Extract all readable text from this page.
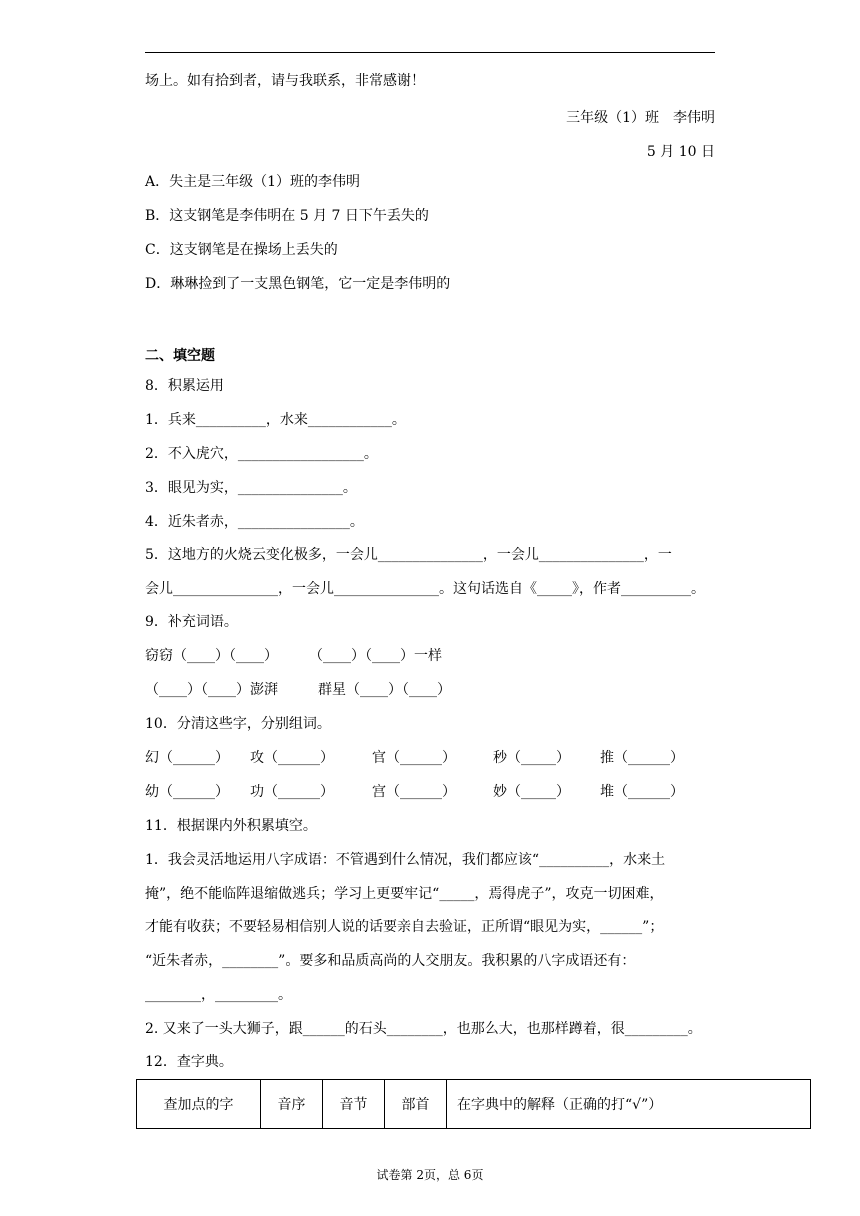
场上。如有拾到者，请与我联系，非常感谢！
三年级（1）班　李伟明
5 月 10 日
A．失主是三年级（1）班的李伟明
B．这支钢笔是李伟明在 5 月 7 日下午丢失的
C．这支钢笔是在操场上丢失的
D．琳琳捡到了一支黑色钢笔，它一定是李伟明的
二、填空题
8．积累运用
1．兵来__________，水来____________。
2．不入虎穴，__________________。
3．眼见为实，_______________。
4．近朱者赤，________________。
5．这地方的火烧云变化极多，一会儿_______________，一会儿_______________，一
会儿_______________，一会儿_______________。这句话选自《_____》，作者__________。
9．补充词语。
窃窃（____）（____） （____）（____）一样
（____）（____）澎湃	群星（____）（____）
10．分清这些字，分别组词。
幻（______） 攻（______）	官（______）	秒（_____） 推（______）
幼（______） 功（______）	宫（______）	妙（_____） 堆（______）
11．根据课内外积累填空。
1．我会灵活地运用八字成语：不管遇到什么情况，我们都应该“__________，水来土
掩”，绝不能临阵退缩做逃兵；学习上更要牢记“_____，焉得虎子”，攻克一切困难，
才能有收获；不要轻易相信别人说的话要亲自去验证，正所谓“眼见为实，______”；
“近朱者赤，________”。要多和品质高尚的人交朋友。我积累的八字成语还有：
________，_________。
2. 又来了一头大狮子，跟______的石头________，也那么大，也那样蹲着，很_________。
12．查字典。
查加点的字	音序	音节	部首	在字典中的解释（正确的打“√”）
试卷第 2页，总 6页
